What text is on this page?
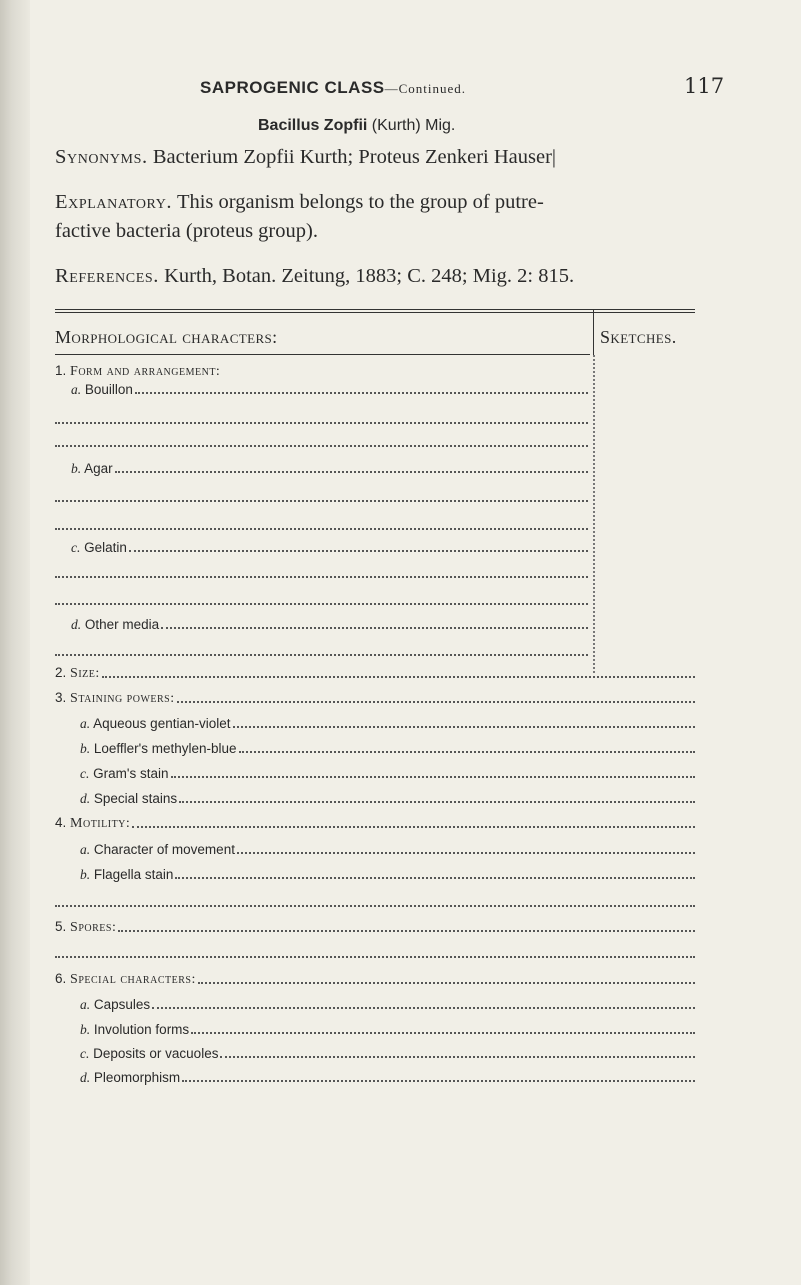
SAPROGENIC CLASS—Continued.	117
Bacillus Zopfii (Kurth) Mig.
Synonyms. Bacterium Zopfii Kurth; Proteus Zenkeri Hauser|
Explanatory. This organism belongs to the group of putre-
factive bacteria (proteus group).
References. Kurth, Botan. Zeitung, 1883; C. 248; Mig. 2: 815.
Morphological characters:	Sketches.
1. Form and arrangement:
a. Bouillon
b. Agar
c. Gelatin
d. Other media
2. Size:
3. Staining powers:
a. Aqueous gentian-violet
b. Loeffler's methylen-blue
c. Gram's stain
d. Special stains
4. Motility:
a. Character of movement
b. Flagella stain
5. Spores:
6. Special characters:
a. Capsules
b. Involution forms
c. Deposits or vacuoles
d. Pleomorphism
